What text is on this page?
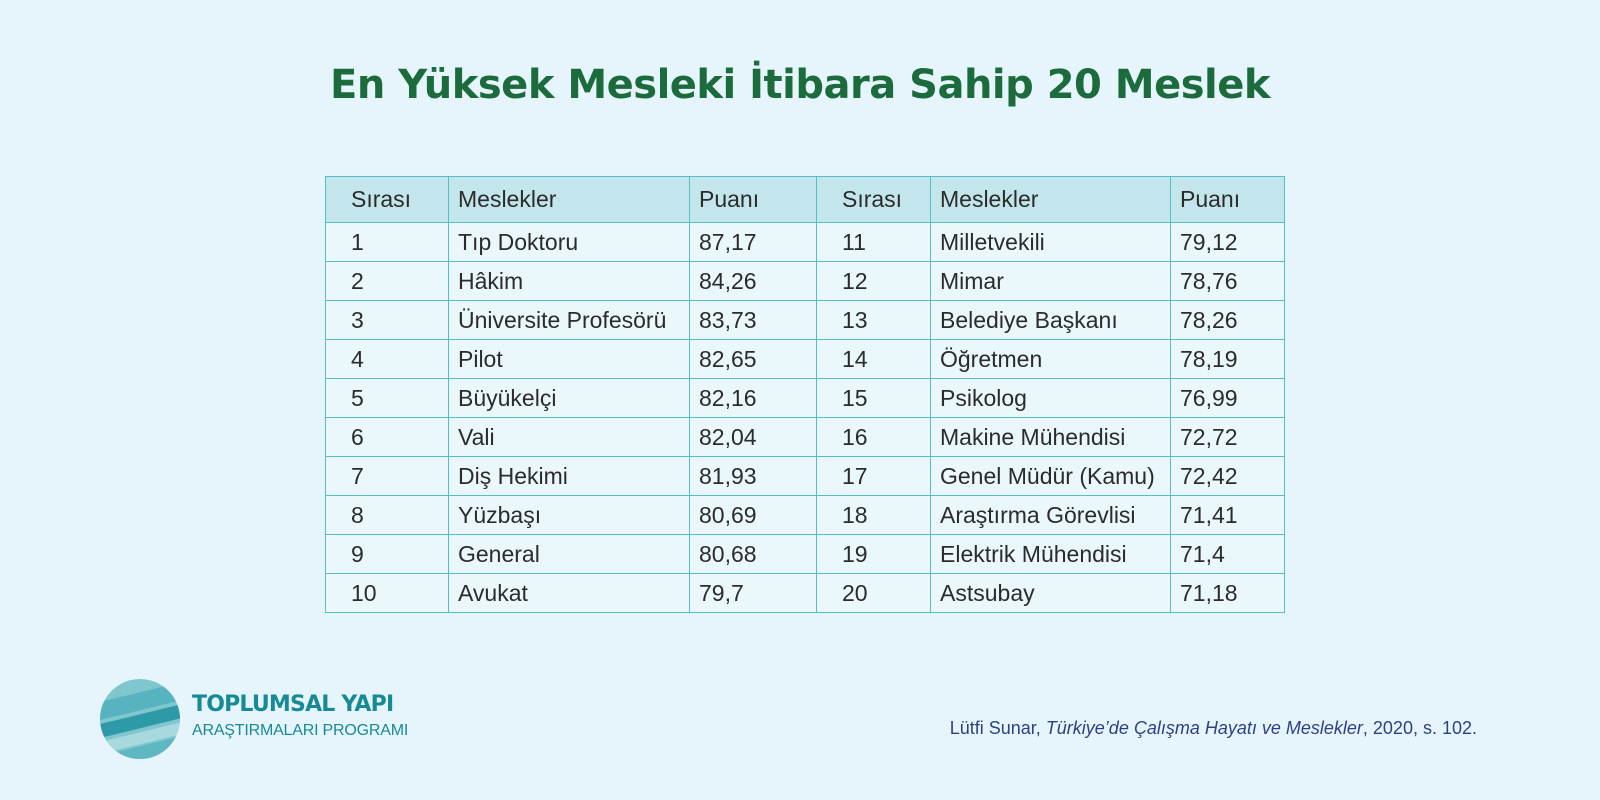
En Yüksek Mesleki İtibara Sahip 20 Meslek
Sırası	Meslekler	Puanı	Sırası	Meslekler	Puanı
1	Tıp Doktoru	87,17	11	Milletvekili	79,12
2	Hâkim	84,26	12	Mimar	78,76
3	Üniversite Profesörü	83,73	13	Belediye Başkanı	78,26
4	Pilot	82,65	14	Öğretmen	78,19
5	Büyükelçi	82,16	15	Psikolog	76,99
6	Vali	82,04	16	Makine Mühendisi	72,72
7	Diş Hekimi	81,93	17	Genel Müdür (Kamu)	72,42
8	Yüzbaşı	80,69	18	Araştırma Görevlisi	71,41
9	General	80,68	19	Elektrik Mühendisi	71,4
10	Avukat	79,7	20	Astsubay	71,18
TOPLUMSAL YAPI
ARAŞTIRMALARI PROGRAMI	Lütfi Sunar, Türkiye’de Çalışma Hayatı ve Meslekler, 2020, s. 102.
